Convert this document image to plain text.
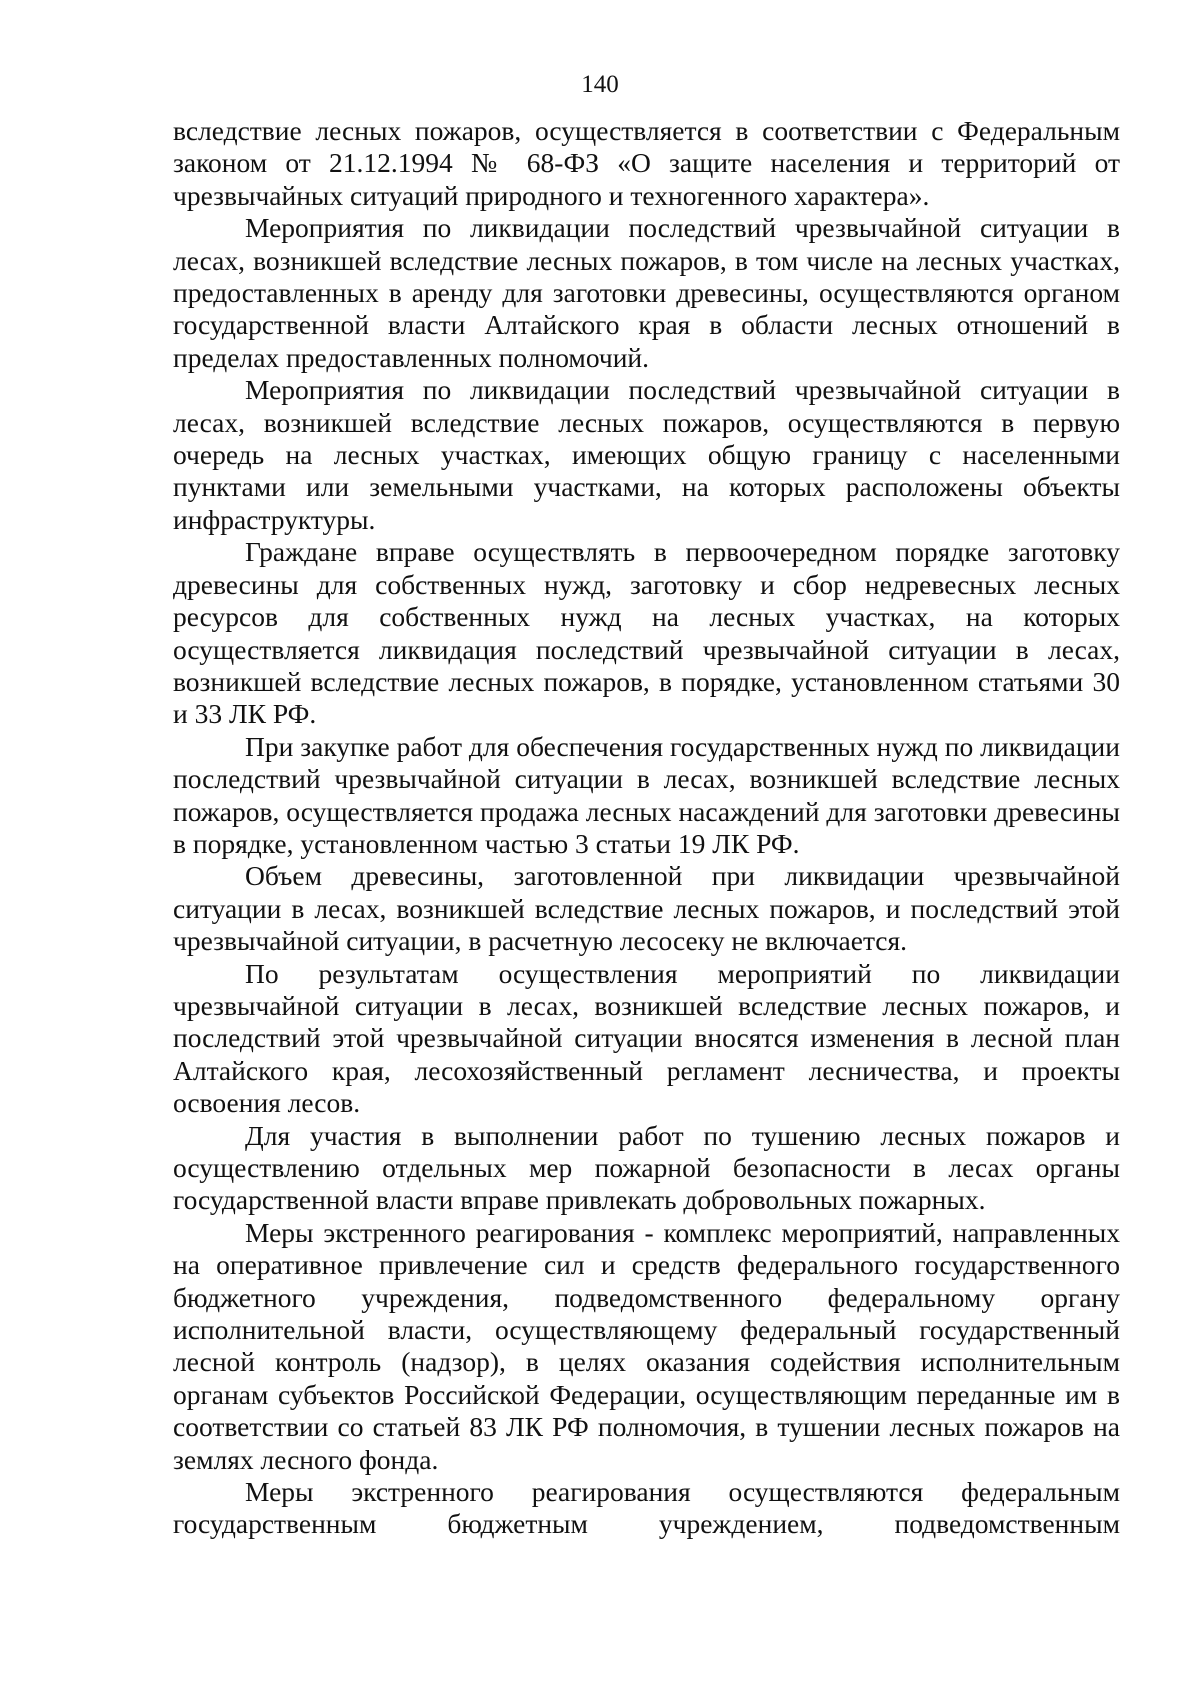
140

вследствие лесных пожаров, осуществляется в соответствии с Федеральным законом от 21.12.1994 № 68-ФЗ «О защите населения и территорий от чрезвычайных ситуаций природного и техногенного характера».

Мероприятия по ликвидации последствий чрезвычайной ситуации в лесах, возникшей вследствие лесных пожаров, в том числе на лесных участках, предоставленных в аренду для заготовки древесины, осуществляются органом государственной власти Алтайского края в области лесных отношений в пределах предоставленных полномочий.

Мероприятия по ликвидации последствий чрезвычайной ситуации в лесах, возникшей вследствие лесных пожаров, осуществляются в первую очередь на лесных участках, имеющих общую границу с населенными пунктами или земельными участками, на которых расположены объекты инфраструктуры.

Граждане вправе осуществлять в первоочередном порядке заготовку древесины для собственных нужд, заготовку и сбор недревесных лесных ресурсов для собственных нужд на лесных участках, на которых осуществляется ликвидация последствий чрезвычайной ситуации в лесах, возникшей вследствие лесных пожаров, в порядке, установленном статьями 30 и 33 ЛК РФ.

При закупке работ для обеспечения государственных нужд по ликвидации последствий чрезвычайной ситуации в лесах, возникшей вследствие лесных пожаров, осуществляется продажа лесных насаждений для заготовки древесины в порядке, установленном частью 3 статьи 19 ЛК РФ.

Объем древесины, заготовленной при ликвидации чрезвычайной ситуации в лесах, возникшей вследствие лесных пожаров, и последствий этой чрезвычайной ситуации, в расчетную лесосеку не включается.

По результатам осуществления мероприятий по ликвидации чрезвычайной ситуации в лесах, возникшей вследствие лесных пожаров, и последствий этой чрезвычайной ситуации вносятся изменения в лесной план Алтайского края, лесохозяйственный регламент лесничества, и проекты освоения лесов.

Для участия в выполнении работ по тушению лесных пожаров и осуществлению отдельных мер пожарной безопасности в лесах органы государственной власти вправе привлекать добровольных пожарных.

Меры экстренного реагирования - комплекс мероприятий, направленных на оперативное привлечение сил и средств федерального государственного бюджетного учреждения, подведомственного федеральному органу исполнительной власти, осуществляющему федеральный государственный лесной контроль (надзор), в целях оказания содействия исполнительным органам субъектов Российской Федерации, осуществляющим переданные им в соответствии со статьей 83 ЛК РФ полномочия, в тушении лесных пожаров на землях лесного фонда.

Меры экстренного реагирования осуществляются федеральным государственным бюджетным учреждением, подведомственным
